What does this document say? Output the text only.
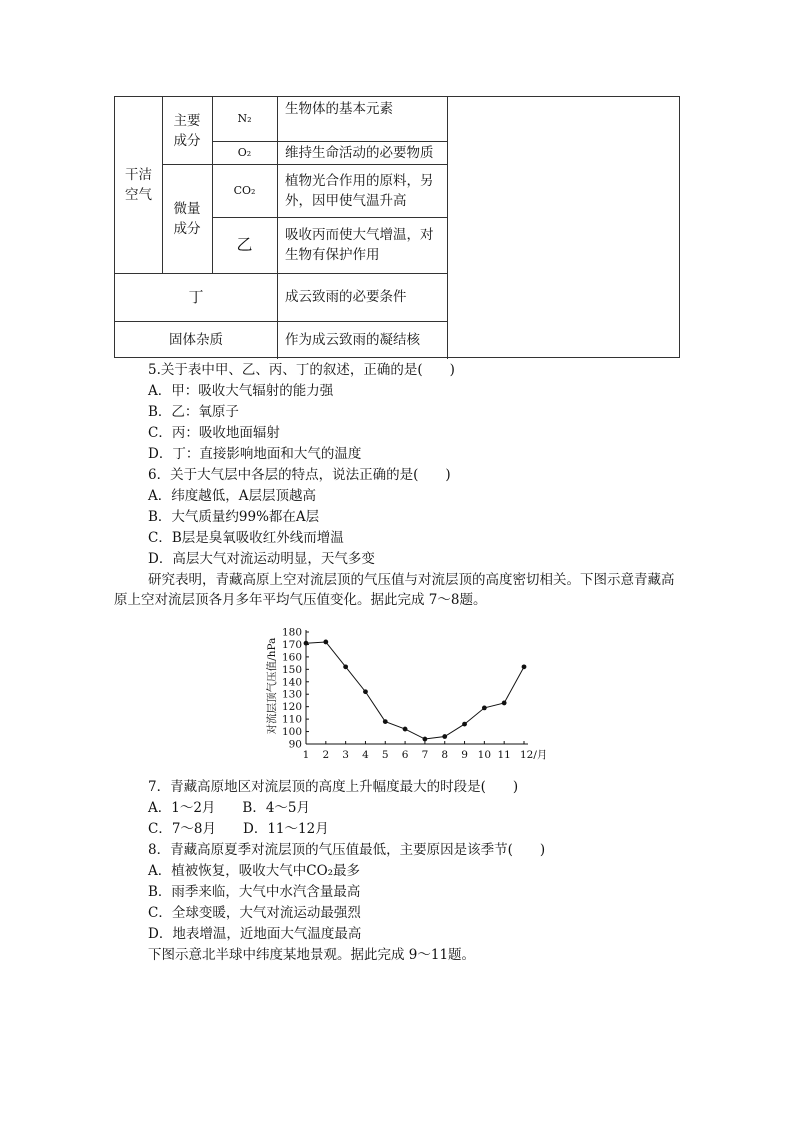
干洁空气
主要成分
微量成分
N₂
O₂
CO₂
乙
生物体的基本元素
维持生命活动的必要物质
植物光合作用的原料，另外，因甲使气温升高
吸收丙而使大气增温，对生物有保护作用
丁	成云致雨的必要条件
固体杂质	作为成云致雨的凝结核
5.关于表中甲、乙、丙、丁的叙述，正确的是(　　)
A．甲：吸收大气辐射的能力强
B．乙：氧原子
C．丙：吸收地面辐射
D．丁：直接影响地面和大气的温度
6．关于大气层中各层的特点，说法正确的是(　　)
A．纬度越低，A层层顶越高
B．大气质量约99%都在A层
C．B层是臭氧吸收红外线而增温
D．高层大气对流运动明显，天气多变
研究表明，青藏高原上空对流层顶的气压值与对流层顶的高度密切相关。下图示意青藏高原上空对流层顶各月多年平均气压值变化。据此完成 7～8题。
90
100
110
120
130
140
150
160
170
180
1 2 3 4 5 6 7 8 9 10 11 12/月
对流层顶气压值/hPa
7．青藏高原地区对流层顶的高度上升幅度最大的时段是(　　)
A．1～2月　　B．4～5月
C．7～8月　　D．11～12月
8．青藏高原夏季对流层顶的气压值最低，主要原因是该季节(　　)
A．植被恢复，吸收大气中CO₂最多
B．雨季来临，大气中水汽含量最高
C．全球变暖，大气对流运动最强烈
D．地表增温，近地面大气温度最高
下图示意北半球中纬度某地景观。据此完成 9～11题。
